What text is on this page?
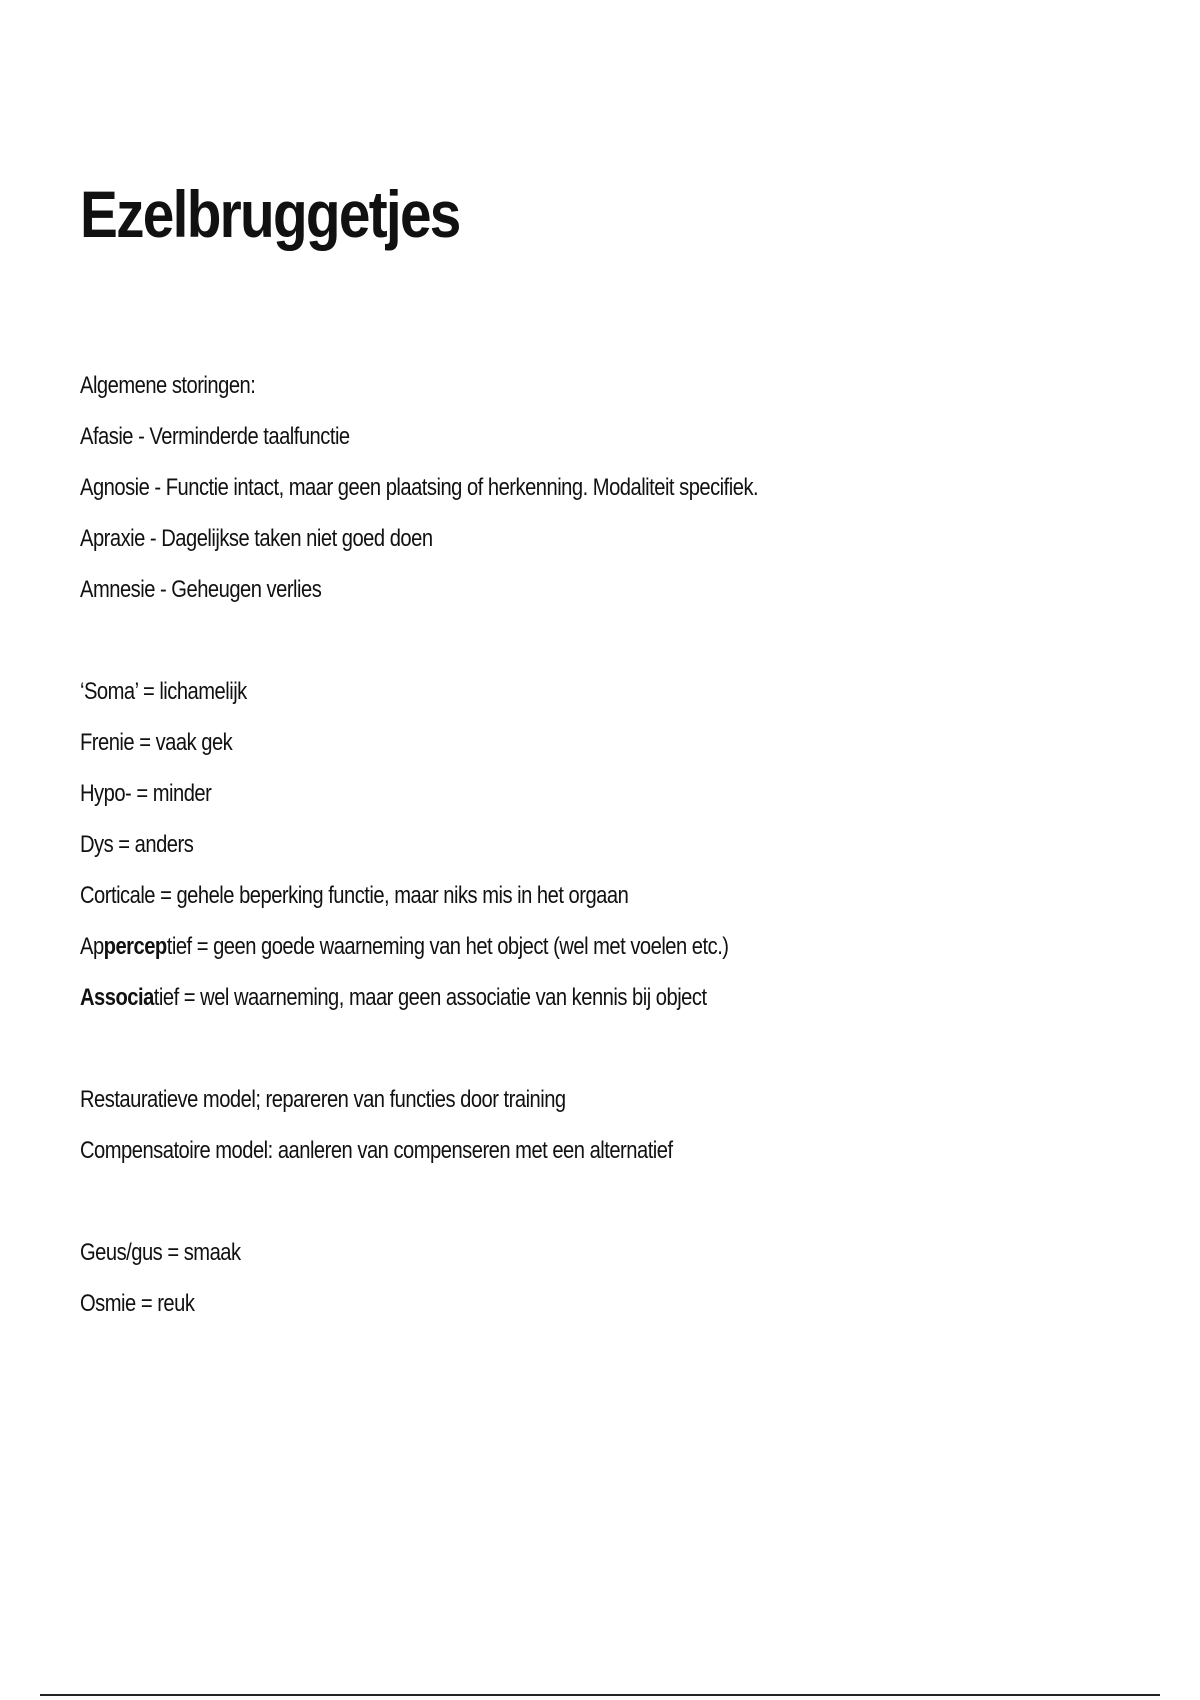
Ezelbruggetjes
Algemene storingen:
Afasie - Verminderde taalfunctie
Agnosie - Functie intact, maar geen plaatsing of herkenning. Modaliteit specifiek.
Apraxie - Dagelijkse taken niet goed doen
Amnesie - Geheugen verlies
‘Soma’ = lichamelijk
Frenie = vaak gek
Hypo- = minder
Dys = anders
Corticale = gehele beperking functie, maar niks mis in het orgaan
Apperceptief = geen goede waarneming van het object (wel met voelen etc.)
Associatief = wel waarneming, maar geen associatie van kennis bij object
Restauratieve model; repareren van functies door training
Compensatoire model: aanleren van compenseren met een alternatief
Geus/gus = smaak
Osmie = reuk
